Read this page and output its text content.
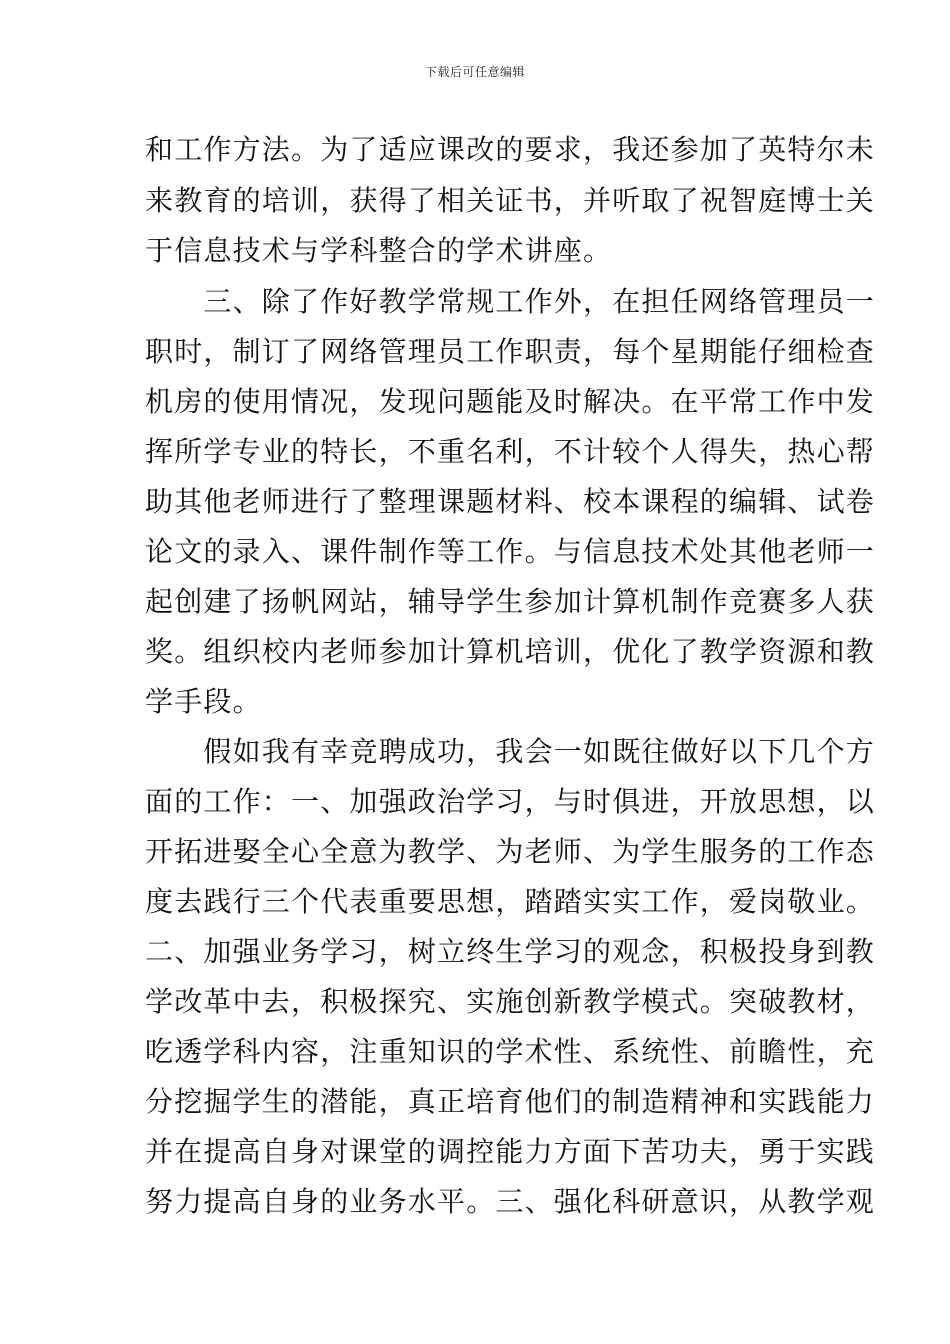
下载后可任意编辑
和工作方法。为了适应课改的要求，我还参加了英特尔未
来教育的培训，获得了相关证书，并听取了祝智庭博士关
于信息技术与学科整合的学术讲座。
　　三、除了作好教学常规工作外，在担任网络管理员一
职时，制订了网络管理员工作职责，每个星期能仔细检查
机房的使用情况，发现问题能及时解决。在平常工作中发
挥所学专业的特长，不重名利，不计较个人得失，热心帮
助其他老师进行了整理课题材料、校本课程的编辑、试卷
论文的录入、课件制作等工作。与信息技术处其他老师一
起创建了扬帆网站，辅导学生参加计算机制作竞赛多人获
奖。组织校内老师参加计算机培训，优化了教学资源和教
学手段。
　　假如我有幸竞聘成功，我会一如既往做好以下几个方
面的工作：一、加强政治学习，与时俱进，开放思想，以
开拓进娶全心全意为教学、为老师、为学生服务的工作态
度去践行三个代表重要思想，踏踏实实工作，爱岗敬业。
二、加强业务学习，树立终生学习的观念，积极投身到教
学改革中去，积极探究、实施创新教学模式。突破教材，
吃透学科内容，注重知识的学术性、系统性、前瞻性，充
分挖掘学生的潜能，真正培育他们的制造精神和实践能力
并在提高自身对课堂的调控能力方面下苦功夫，勇于实践
努力提高自身的业务水平。三、强化科研意识，从教学观
